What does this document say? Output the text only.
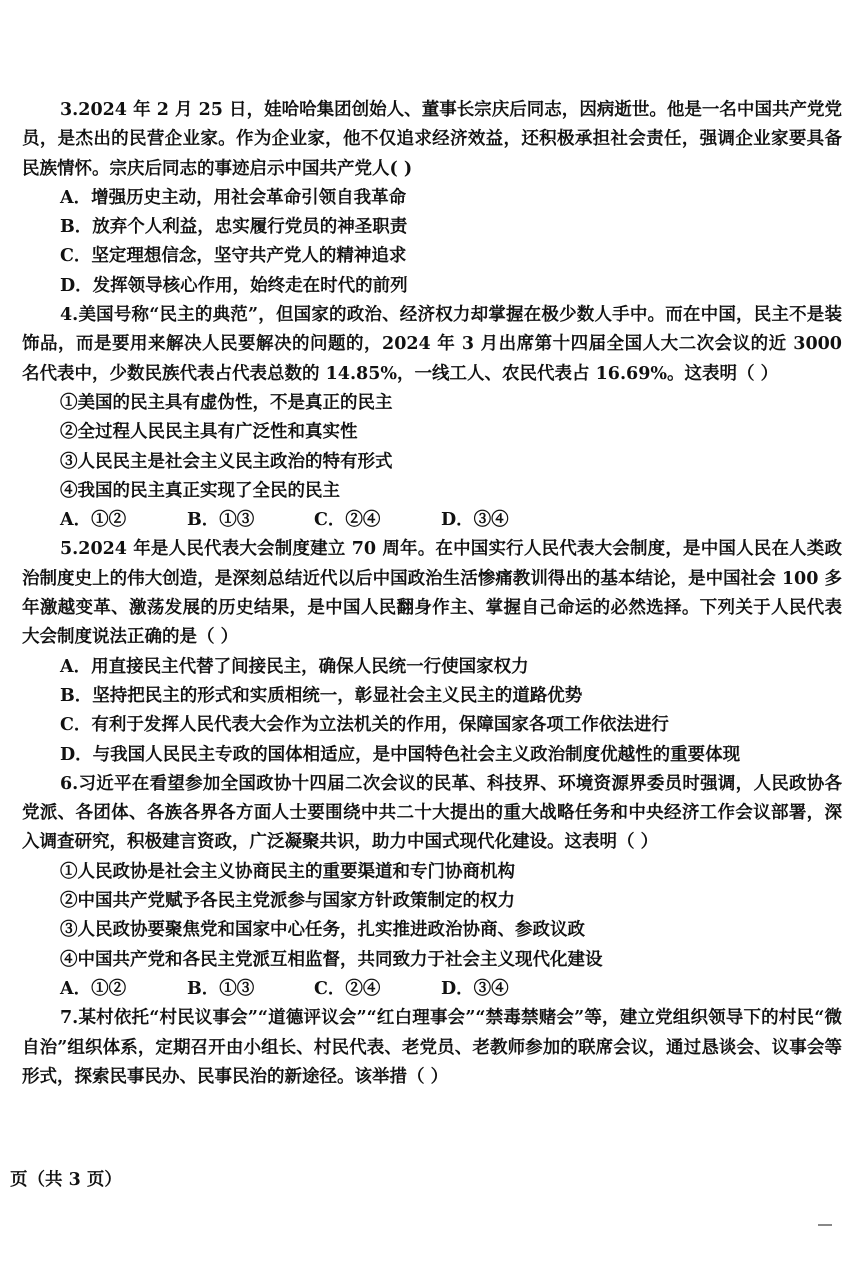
3.2024 年 2 月 25 日，娃哈哈集团创始人、董事长宗庆后同志，因病逝世。他是一名中国共产党党员，是杰出的民营企业家。作为企业家，他不仅追求经济效益，还积极承担社会责任，强调企业家要具备民族情怀。宗庆后同志的事迹启示中国共产党人( )

A．增强历史主动，用社会革命引领自我革命

B．放弃个人利益，忠实履行党员的神圣职责

C．坚定理想信念，坚守共产党人的精神追求

D．发挥领导核心作用，始终走在时代的前列

4.美国号称“民主的典范”，但国家的政治、经济权力却掌握在极少数人手中。而在中国，民主不是装饰品，而是要用来解决人民要解决的问题的，2024 年 3 月出席第十四届全国人大二次会议的近 3000 名代表中，少数民族代表占代表总数的 14.85%，一线工人、农民代表占 16.69%。这表明（ ）

①美国的民主具有虚伪性，不是真正的民主

②全过程人民民主具有广泛性和真实性

③人民民主是社会主义民主政治的特有形式

④我国的民主真正实现了全民的民主

A．①②	B．①③	C．②④	D．③④

5.2024 年是人民代表大会制度建立 70 周年。在中国实行人民代表大会制度，是中国人民在人类政治制度史上的伟大创造，是深刻总结近代以后中国政治生活惨痛教训得出的基本结论，是中国社会 100 多年激越变革、激荡发展的历史结果，是中国人民翻身作主、掌握自己命运的必然选择。下列关于人民代表大会制度说法正确的是（ ）

A．用直接民主代替了间接民主，确保人民统一行使国家权力

B．坚持把民主的形式和实质相统一，彰显社会主义民主的道路优势

C．有利于发挥人民代表大会作为立法机关的作用，保障国家各项工作依法进行

D．与我国人民民主专政的国体相适应，是中国特色社会主义政治制度优越性的重要体现

6.习近平在看望参加全国政协十四届二次会议的民革、科技界、环境资源界委员时强调，人民政协各党派、各团体、各族各界各方面人士要围绕中共二十大提出的重大战略任务和中央经济工作会议部署，深入调查研究，积极建言资政，广泛凝聚共识，助力中国式现代化建设。这表明（ ）

①人民政协是社会主义协商民主的重要渠道和专门协商机构

②中国共产党赋予各民主党派参与国家方针政策制定的权力

③人民政协要聚焦党和国家中心任务，扎实推进政治协商、参政议政

④中国共产党和各民主党派互相监督，共同致力于社会主义现代化建设

A．①②	B．①③	C．②④	D．③④

7.某村依托“村民议事会”“道德评议会”“红白理事会”“禁毒禁赌会”等，建立党组织领导下的村民“微自治”组织体系，定期召开由小组长、村民代表、老党员、老教师参加的联席会议，通过恳谈会、议事会等形式，探索民事民办、民事民治的新途径。该举措（ ）

页（共 3 页）
